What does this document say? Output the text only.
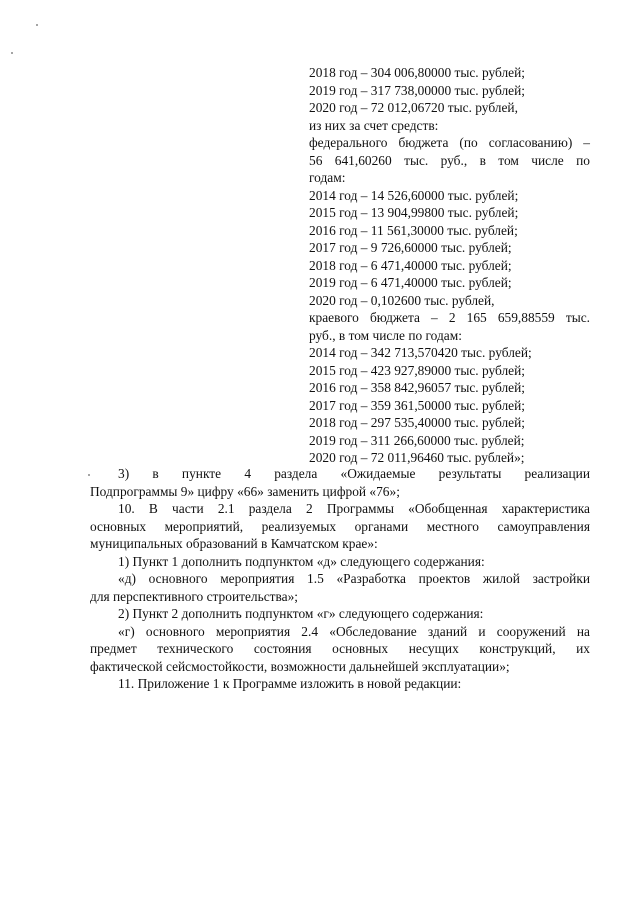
2018 год – 304 006,80000 тыс. рублей;
2019 год – 317 738,00000 тыс. рублей;
2020 год – 72 012,06720 тыс. рублей,
из них за счет средств:
федерального бюджета (по согласованию) –
56 641,60260 тыс. руб., в том числе по
годам:
2014 год – 14 526,60000 тыс. рублей;
2015 год – 13 904,99800 тыс. рублей;
2016 год – 11 561,30000 тыс. рублей;
2017 год – 9 726,60000 тыс. рублей;
2018 год – 6 471,40000 тыс. рублей;
2019 год – 6 471,40000 тыс. рублей;
2020 год – 0,102600 тыс. рублей,
краевого бюджета – 2 165 659,88559 тыс.
руб., в том числе по годам:
2014 год – 342 713,570420 тыс. рублей;
2015 год – 423 927,89000 тыс. рублей;
2016 год – 358 842,96057 тыс. рублей;
2017 год – 359 361,50000 тыс. рублей;
2018 год – 297 535,40000 тыс. рублей;
2019 год – 311 266,60000 тыс. рублей;
2020 год – 72 011,96460 тыс. рублей»;
3) в пункте 4 раздела «Ожидаемые результаты реализации
Подпрограммы 9» цифру «66» заменить цифрой «76»;
10. В части 2.1 раздела 2 Программы «Обобщенная характеристика
основных мероприятий, реализуемых органами местного самоуправления
муниципальных образований в Камчатском крае»:
1) Пункт 1 дополнить подпунктом «д» следующего содержания:
«д) основного мероприятия 1.5 «Разработка проектов жилой застройки
для перспективного строительства»;
2) Пункт 2 дополнить подпунктом «г» следующего содержания:
«г) основного мероприятия 2.4 «Обследование зданий и сооружений на
предмет технического состояния основных несущих конструкций, их
фактической сейсмостойкости, возможности дальнейшей эксплуатации»;
11. Приложение 1 к Программе изложить в новой редакции:
